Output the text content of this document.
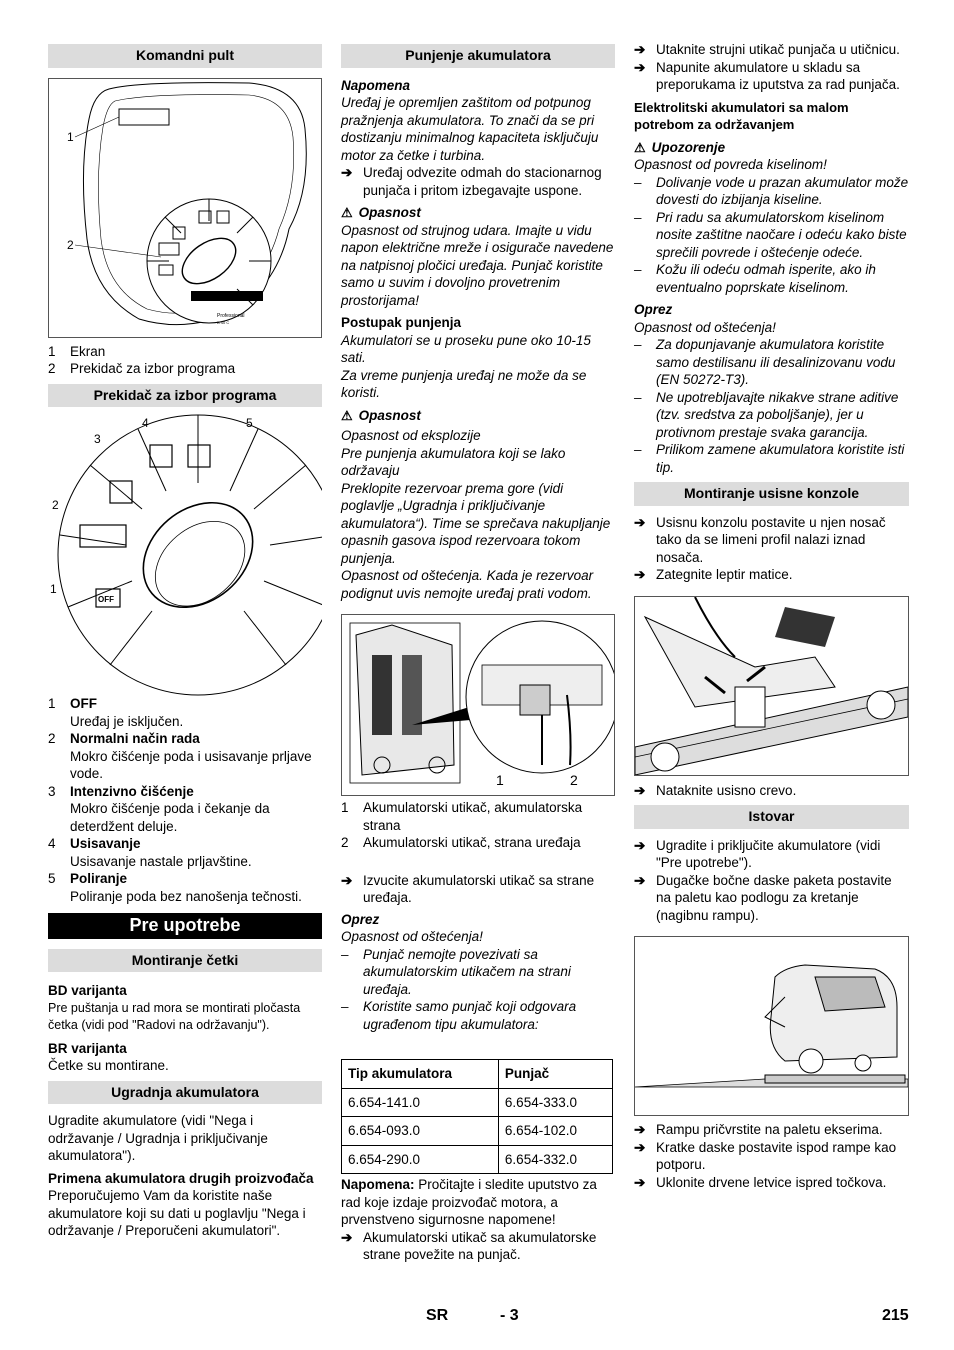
Komandni pult
1
2
Professional
B 40 C
1	Ekran
2	Prekidač za izbor programa
Prekidač za izbor programa
OFF
1
2
3
4	5
1	OFF

Uređaj je isključen.

2	Normalni način rada

Mokro čišćenje poda i usisavanje prljave vode.

3	Intenzivno čišćenje

Mokro čišćenje poda i čekanje da deterdžent deluje.

4	Usisavanje

Usisavanje nastale prljavštine.

5	Poliranje

Poliranje poda bez nanošenja tečnosti.

Pre upotrebe
Montiranje četki

BD varijanta

Pre puštanja u rad mora se montirati pločasta četka (vidi pod "Radovi na održavanju").

BR varijanta

Četke su montirane.

Ugradnja akumulatora

Ugradite akumulatore (vidi "Nega i održavanje / Ugradnja i priključivanje akumulatora").

Primena akumulatora drugih proizvođača

Preporučujemo Vam da koristite naše akumulatore koji su dati u poglavlju "Nega i održavanje / Preporučeni akumulatori".

Punjenje akumulatora

Napomena

Uređaj je opremljen zaštitom od potpunog pražnjenja akumulatora. To znači da se pri dostizanju minimalnog kapaciteta isključuju motor za četke i turbina.

➔ Uređaj odvezite odmah do stacionarnog punjača i pritom izbegavajte uspone.
⚠ Opasnost

Opasnost od strujnog udara. Imajte u vidu napon električne mreže i osigurače navedene na natpisnoj pločici uređaja. Punjač koristite samo u suvim i dovoljno provetrenim prostorijama!

Postupak punjenja

Akumulatori se u proseku pune oko 10-15 sati.

Za vreme punjenja uređaj ne može da se koristi.

⚠ Opasnost

Opasnost od eksplozije

Pre punjenja akumulatora koji se lako održavaju

Preklopite rezervoar prema gore (vidi poglavlje „Ugradnja i priključivanje akumulatora“). Time se sprečava nakupljanje opasnih gasova ispod rezervoara tokom punjenja.

Opasnost od oštećenja. Kada je rezervoar podignut uvis nemojte uređaj prati vodom.

1	2
1	Akumulatorski utikač, akumulatorska strana
2	Akumulatorski utikač, strana uređaja
➔ Izvucite akumulatorski utikač sa strane uređaja.

Oprez

Opasnost od oštećenja!

–	Punjač nemojte povezivati sa akumulatorskim utikačem na strani uređaja.
–	Koristite samo punjač koji odgovara ugrađenom tipu akumulatora:
Tip akumulatora	Punjač
6.654-141.0	6.654-333.0
6.654-093.0	6.654-102.0
6.654-290.0	6.654-332.0

Napomena: Pročitajte i sledite uputstvo za rad koje izdaje proizvođač motora, a prvenstveno sigurnosne napomene!

➔ Akumulatorski utikač sa akumulatorske strane povežite na punjač.
➔ Utaknite strujni utikač punjača u utičnicu.
➔ Napunite akumulatore u skladu sa preporukama iz uputstva za rad punjača.

Elektrolitski akumulatori sa malom potrebom za održavanjem

⚠ Upozorenje

Opasnost od povreda kiselinom!

–	Dolivanje vode u prazan akumulator može dovesti do izbijanja kiseline.
–	Pri radu sa akumulatorskom kiselinom nosite zaštitne naočare i odeću kako biste sprečili povrede i oštećenje odeće.
–	Kožu ili odeću odmah isperite, ako ih eventualno poprskate kiselinom.

Oprez

Opasnost od oštećenja!

–	Za dopunjavanje akumulatora koristite samo destilisanu ili desalinizovanu vodu (EN 50272-T3).
–	Ne upotrebljavajte nikakve strane aditive (tzv. sredstva za poboljšanje), jer u protivnom prestaje svaka garancija.
–	Prilikom zamene akumulatora koristite isti tip.
Montiranje usisne konzole
➔ Usisnu konzolu postavite u njen nosač tako da se limeni profil nalazi iznad nosača.
➔ Zategnite leptir matice.
➔ Nataknite usisno crevo.
Istovar
➔ Ugradite i priključite akumulatore (vidi "Pre upotrebe").
➔ Dugačke bočne daske paketa postavite na paletu kao podlogu za kretanje (nagibnu rampu).
➔ Rampu pričvrstite na paletu ekserima.
➔ Kratke daske postavite ispod rampe kao potporu.
➔ Uklonite drvene letvice ispred točkova.
SR	- 3	215
